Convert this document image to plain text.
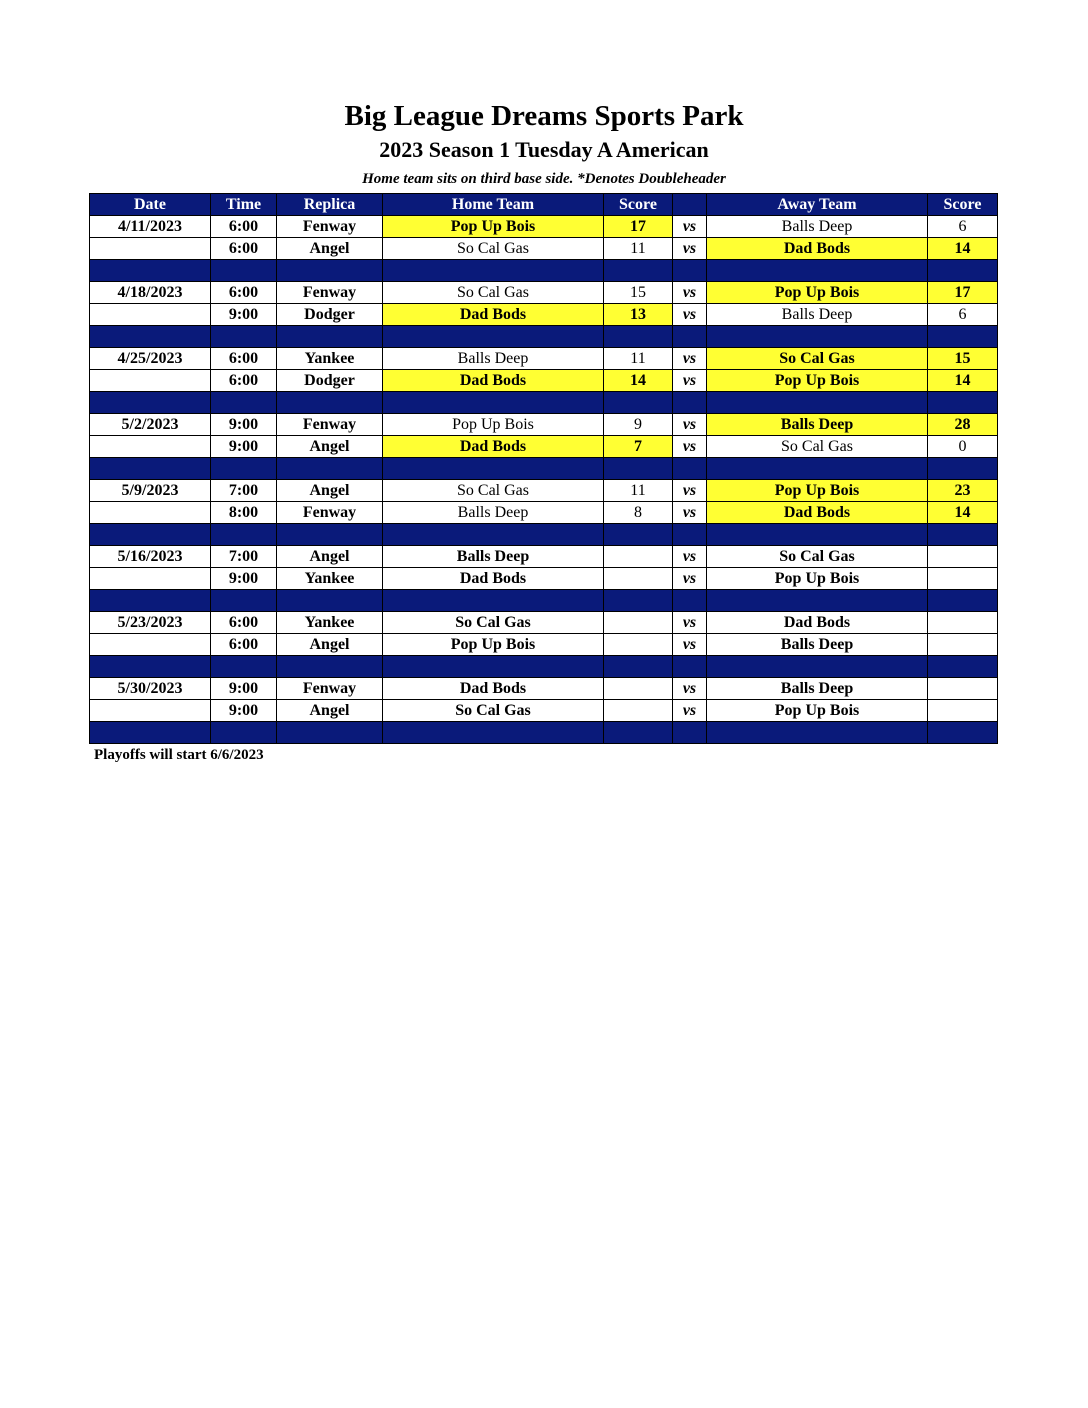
Big League Dreams Sports Park
2023 Season 1 Tuesday A American
Home team sits on third base side. *Denotes Doubleheader
Date	Time	Replica	Home Team	Score		Away Team	Score
4/11/2023	6:00	Fenway	Pop Up Bois	17	vs	Balls Deep	6
	6:00	Angel	So Cal Gas	11	vs	Dad Bods	14

4/18/2023	6:00	Fenway	So Cal Gas	15	vs	Pop Up Bois	17
	9:00	Dodger	Dad Bods	13	vs	Balls Deep	6

4/25/2023	6:00	Yankee	Balls Deep	11	vs	So Cal Gas	15
	6:00	Dodger	Dad Bods	14	vs	Pop Up Bois	14

5/2/2023	9:00	Fenway	Pop Up Bois	9	vs	Balls Deep	28
	9:00	Angel	Dad Bods	7	vs	So Cal Gas	0

5/9/2023	7:00	Angel	So Cal Gas	11	vs	Pop Up Bois	23
	8:00	Fenway	Balls Deep	8	vs	Dad Bods	14

5/16/2023	7:00	Angel	Balls Deep		vs	So Cal Gas	
	9:00	Yankee	Dad Bods		vs	Pop Up Bois	

5/23/2023	6:00	Yankee	So Cal Gas		vs	Dad Bods	
	6:00	Angel	Pop Up Bois		vs	Balls Deep	

5/30/2023	9:00	Fenway	Dad Bods		vs	Balls Deep	
	9:00	Angel	So Cal Gas		vs	Pop Up Bois	

Playoffs will start 6/6/2023
